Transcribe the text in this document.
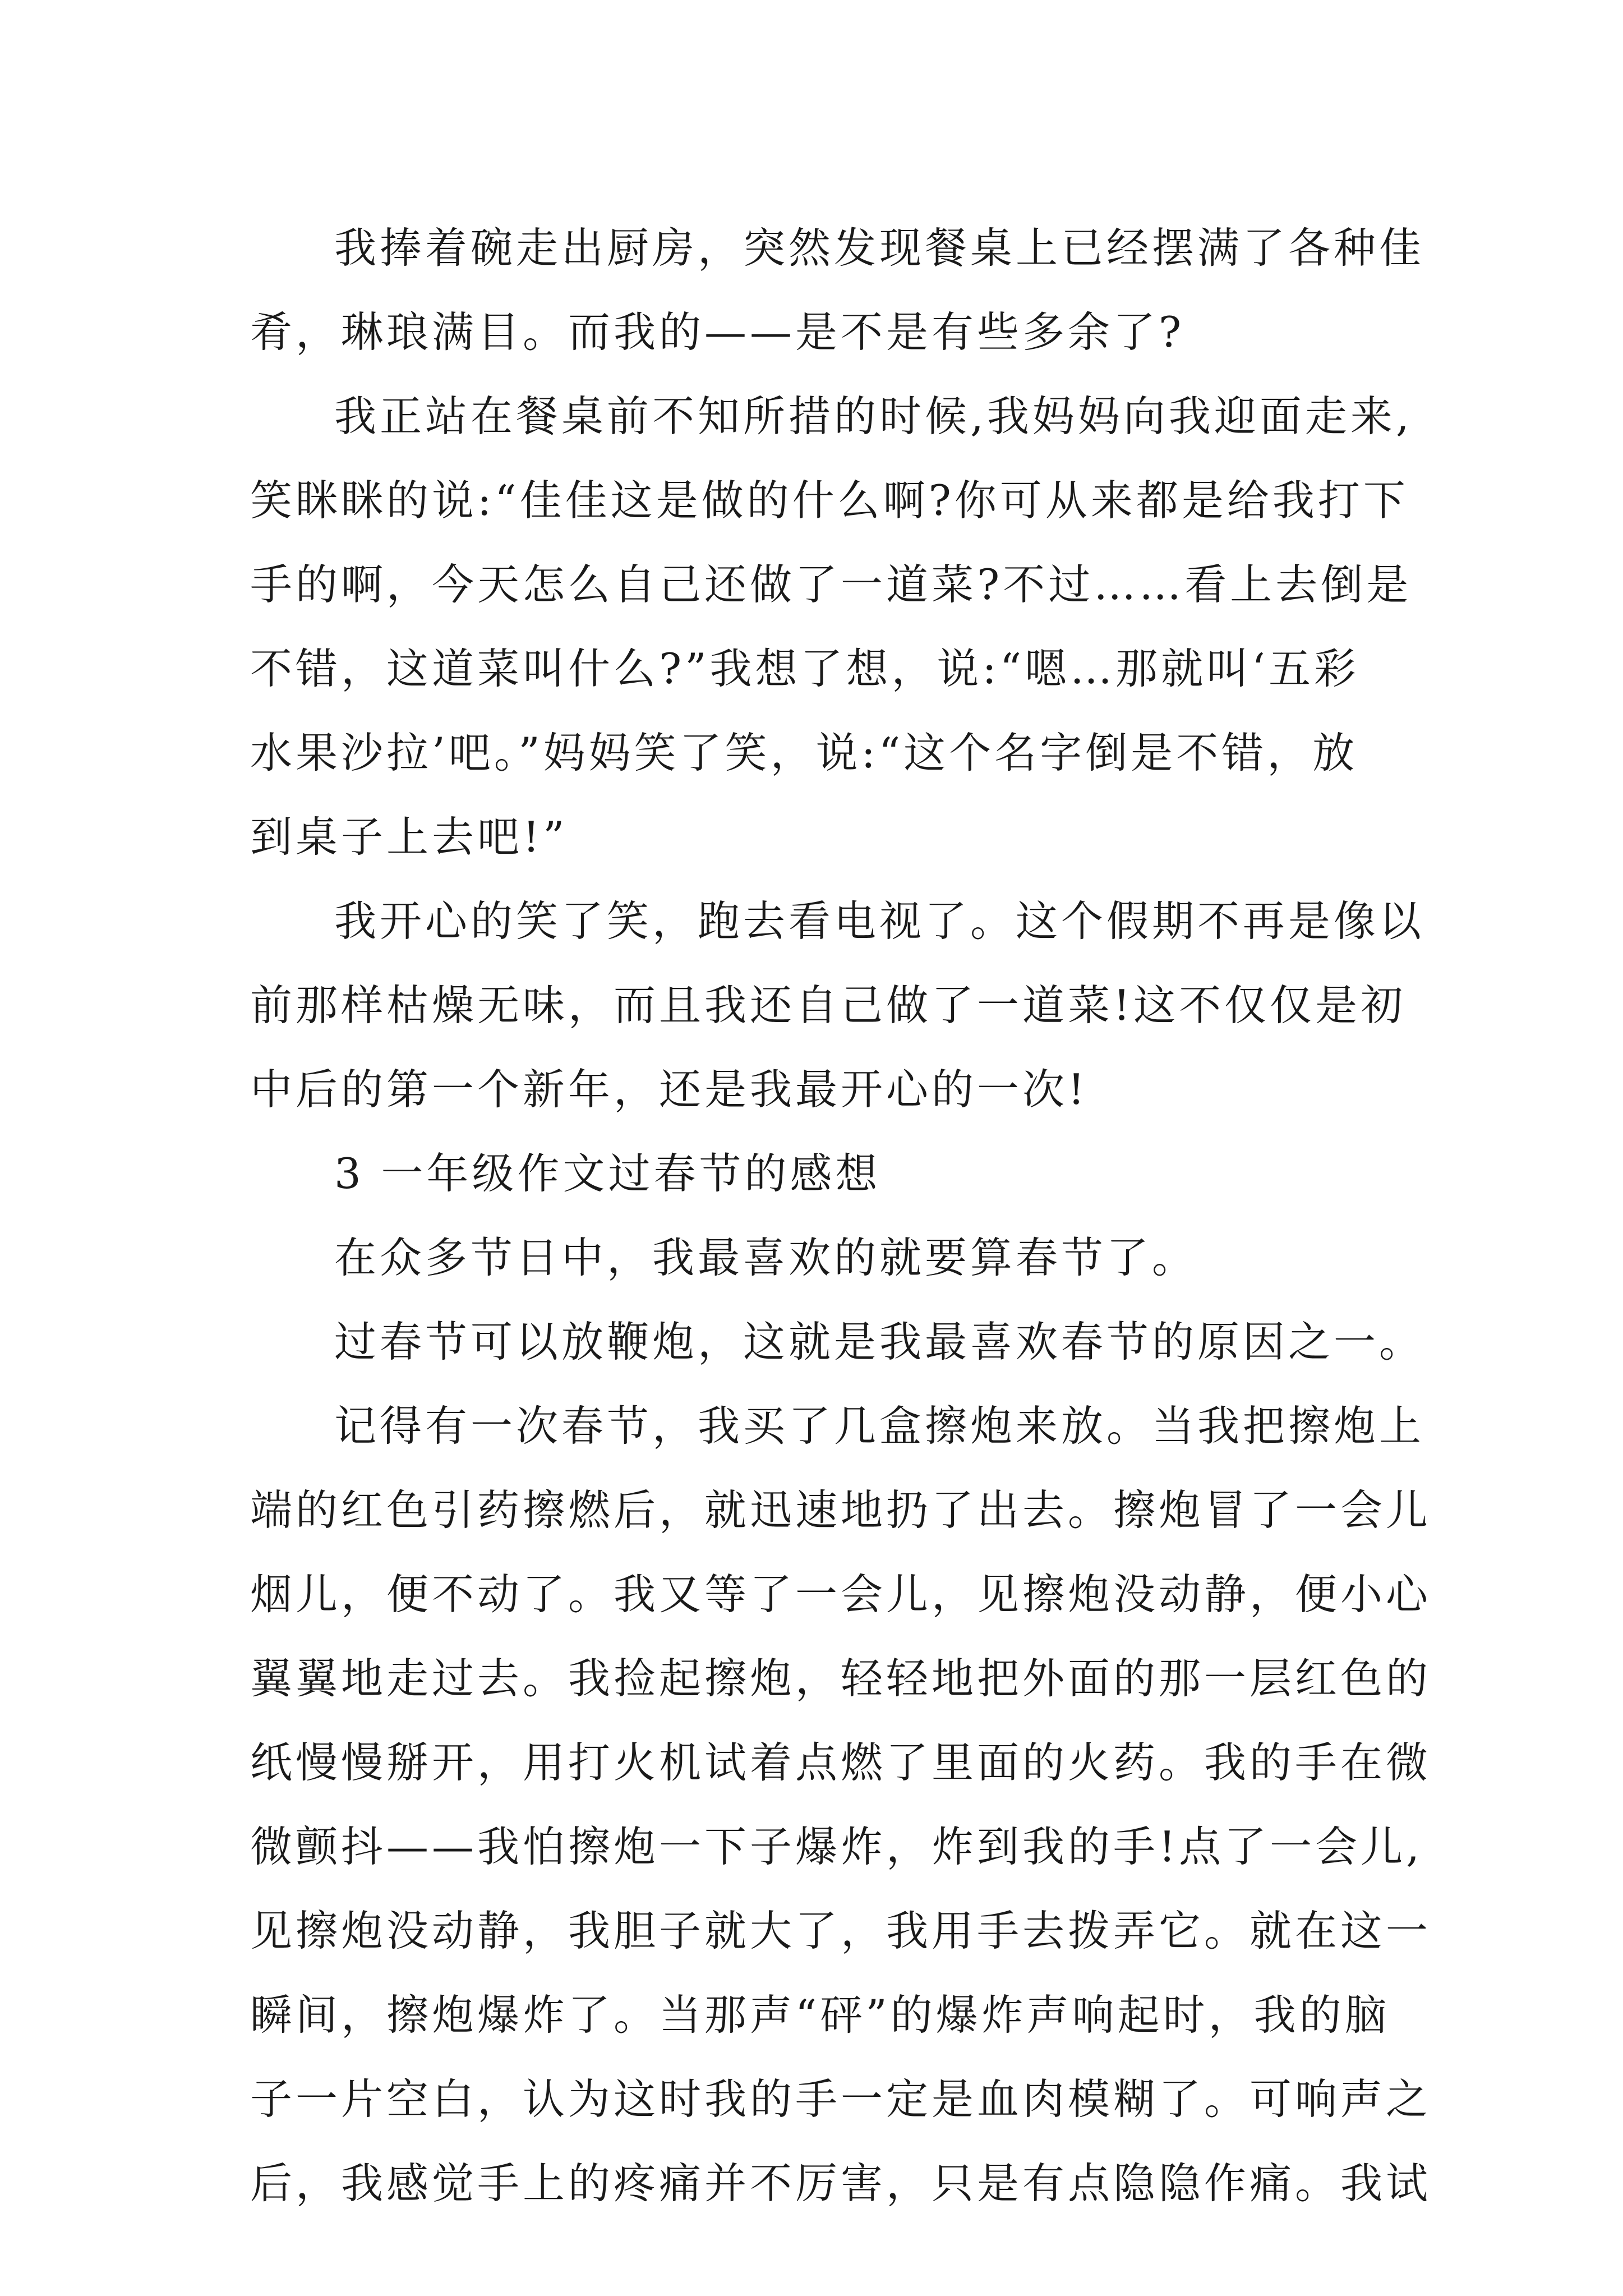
我捧着碗走出厨房，突然发现餐桌上已经摆满了各种佳
肴，琳琅满目。而我的——是不是有些多余了?
我正站在餐桌前不知所措的时候,我妈妈向我迎面走来,
笑眯眯的说:“佳佳这是做的什么啊?你可从来都是给我打下
手的啊，今天怎么自己还做了一道菜?不过……看上去倒是
不错，这道菜叫什么?”我想了想，说:“嗯…那就叫‘五彩
水果沙拉’吧。”妈妈笑了笑，说:“这个名字倒是不错，放
到桌子上去吧!”
我开心的笑了笑，跑去看电视了。这个假期不再是像以
前那样枯燥无味，而且我还自己做了一道菜!这不仅仅是初
中后的第一个新年，还是我最开心的一次!
3 一年级作文过春节的感想
在众多节日中，我最喜欢的就要算春节了。
过春节可以放鞭炮，这就是我最喜欢春节的原因之一。
记得有一次春节，我买了几盒擦炮来放。当我把擦炮上
端的红色引药擦燃后，就迅速地扔了出去。擦炮冒了一会儿
烟儿，便不动了。我又等了一会儿，见擦炮没动静，便小心
翼翼地走过去。我捡起擦炮，轻轻地把外面的那一层红色的
纸慢慢掰开，用打火机试着点燃了里面的火药。我的手在微
微颤抖——我怕擦炮一下子爆炸，炸到我的手!点了一会儿,
见擦炮没动静，我胆子就大了，我用手去拨弄它。就在这一
瞬间，擦炮爆炸了。当那声“砰”的爆炸声响起时，我的脑
子一片空白，认为这时我的手一定是血肉模糊了。可响声之
后，我感觉手上的疼痛并不厉害，只是有点隐隐作痛。我试
